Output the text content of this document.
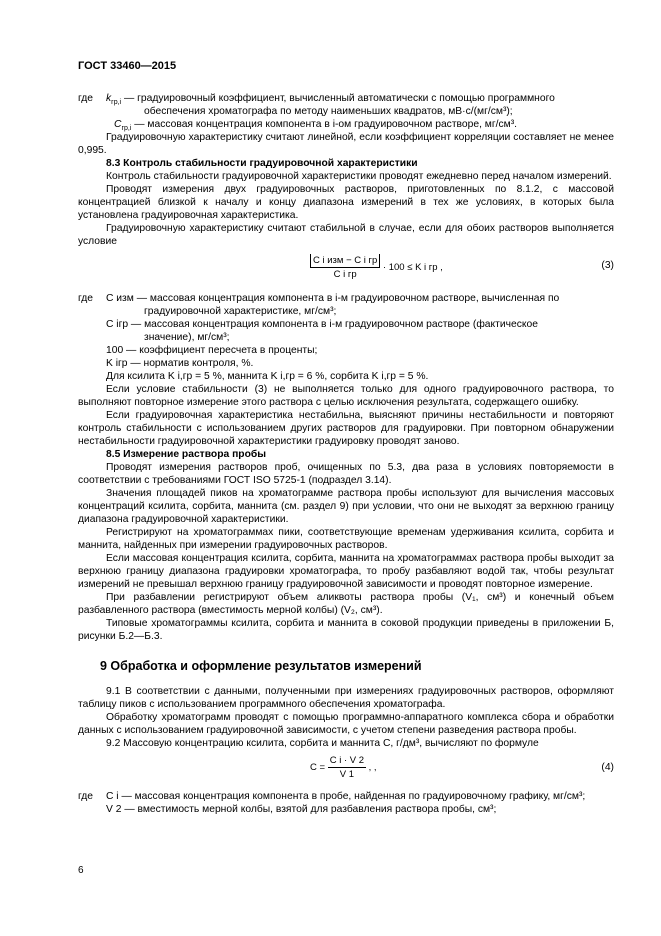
ГОСТ 33460—2015
где	$k_{гр,i}$ — градуировочный коэффициент, вычисленный автоматически с помощью программного

обеспечения хроматографа по методу наименьших квадратов, мВ·с/(мг/см³);

$C_{гр,i}$ — массовая концентрация компонента в i-ом градуировочном растворе, мг/см³.

Градуировочную характеристику считают линейной, если коэффициент корреляции составляет не менее 0,995.

8.3 Контроль стабильности градуировочной характеристики

Контроль стабильности градуировочной характеристики проводят ежедневно перед началом измерений.

Проводят измерения двух градуировочных растворов, приготовленных по 8.1.2, с массовой концентрацией близкой к началу и концу диапазона измерений в тех же условиях, в которых была установлена градуировочная характеристика.

Градуировочную характеристику считают стабильной в случае, если для обоих растворов выполняется условие

$\frac{\text{C i изм − C i гр}}{\text{C i гр}} \cdot 100 \le K$ i гр ,	(3)
где	C изм — массовая концентрация компонента в i-м градуировочном растворе, вычисленная по

градуировочной характеристике, мг/см³;

C iгр — массовая концентрация компонента в i-м градуировочном растворе (фактическое

значение), мг/см³;

100 — коэффициент пересчета в проценты;

K iгр — норматив контроля, %.

Для ксилита K i,гр = 5 %, маннита K i,гр = 6 %, сорбита K i,гр = 5 %.

Если условие стабильности (3) не выполняется только для одного градуировочного раствора, то выполняют повторное измерение этого раствора с целью исключения результата, содержащего ошибку.

Если градуировочная характеристика нестабильна, выясняют причины нестабильности и повторяют контроль стабильности с использованием других растворов для градуировки. При повторном обнаружении нестабильности градуировочной характеристики градуировку проводят заново.

8.5 Измерение раствора пробы

Проводят измерения растворов проб, очищенных по 5.3, два раза в условиях повторяемости в соответствии с требованиями ГОСТ ISO 5725-1 (подраздел 3.14).

Значения площадей пиков на хроматограмме раствора пробы используют для вычисления массовых концентраций ксилита, сорбита, маннита (см. раздел 9) при условии, что они не выходят за верхнюю границу диапазона градуировочной характеристики.

Регистрируют на хроматограммах пики, соответствующие временам удерживания ксилита, сорбита и маннита, найденных при измерении градуировочных растворов.

Если массовая концентрация ксилита, сорбита, маннита на хроматограммах раствора пробы выходит за верхнюю границу диапазона градуировки хроматографа, то пробу разбавляют водой так, чтобы результат измерений не превышал верхнюю границу градуировочной зависимости и проводят повторное измерение.

При разбавлении регистрируют объем аликвоты раствора пробы (V₁, см³) и конечный объем разбавленного раствора (вместимость мерной колбы) (V₂, см³).

Типовые хроматограммы ксилита, сорбита и маннита в соковой продукции приведены в приложении Б, рисунки Б.2—Б.3.

9 Обработка и оформление результатов измерений

9.1 В соответствии с данными, полученными при измерениях градуировочных растворов, оформляют таблицу пиков с использованием программного обеспечения хроматографа.

Обработку хроматограмм проводят с помощью программно-аппаратного комплекса сбора и обработки данных с использованием градуировочной зависимости, с учетом степени разведения раствора пробы.

9.2 Массовую концентрацию ксилита, сорбита и маннита C, г/дм³, вычисляют по формуле

$C = \frac{\text{C i · V 2}}{V 1}$ , ,	(4)
где	C i — массовая концентрация компонента в пробе, найденная по градуировочному графику, мг/см³;

V 2 — вместимость мерной колбы, взятой для разбавления раствора пробы, см³;

6
